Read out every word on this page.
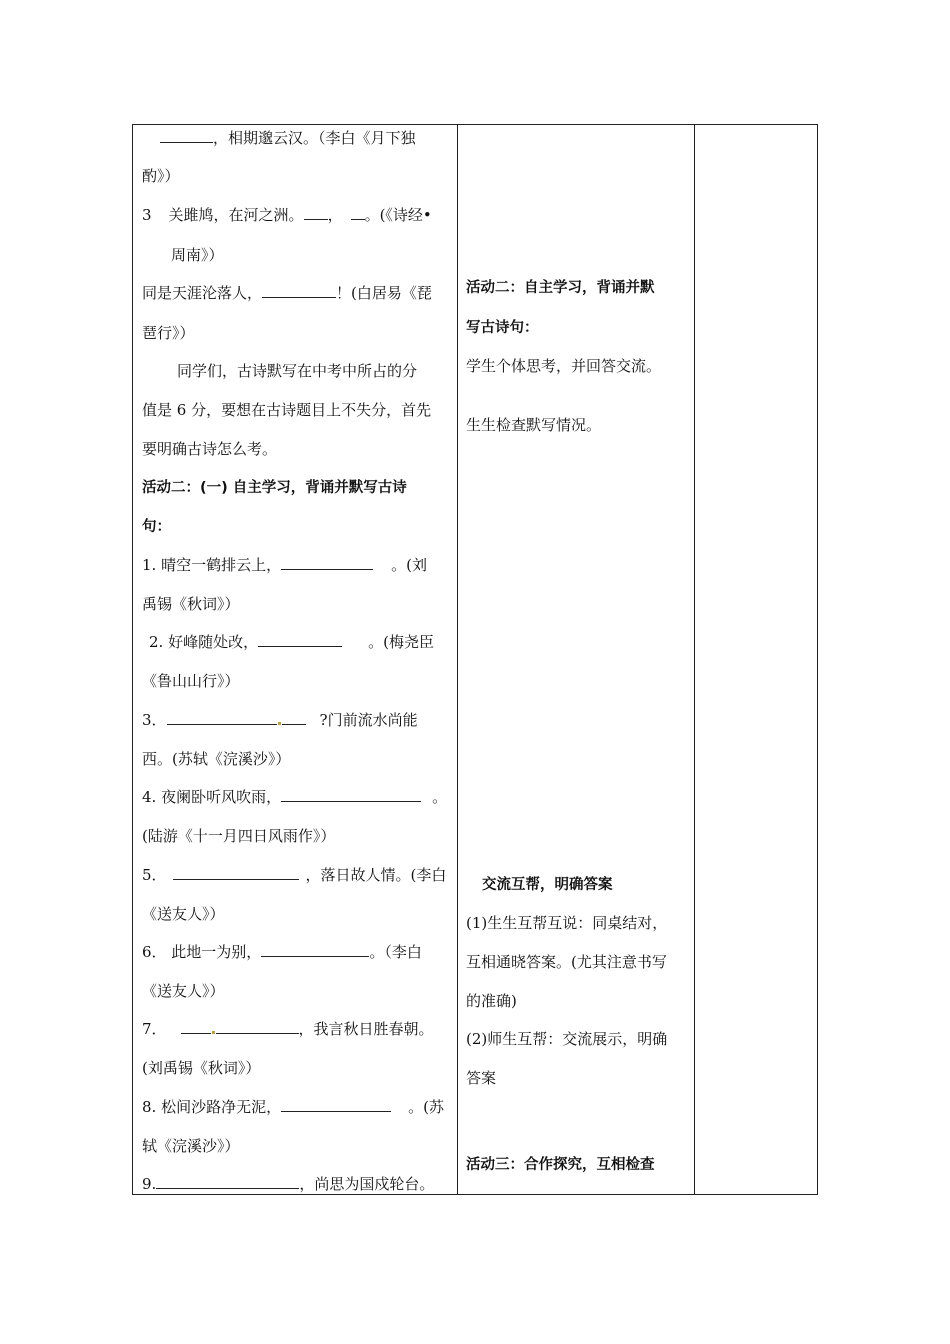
，相期邈云汉。（李白《月下独
酌》）
3 关雎鸠，在河之洲。 ， 。(《诗经•
周南》）
同是天涯沦落人，	！(白居易《琵
琶行》）
同学们，古诗默写在中考中所占的分
值是 6 分，要想在古诗题目上不失分，首先
要明确古诗怎么考。
活动二：(一) 自主学习，背诵并默写古诗
句：
1. 晴空一鹤排云上，	。(刘
禹锡《秋词》）
2. 好峰随处改，	。(梅尧臣
《鲁山山行》）
3．	?门前流水尚能
西。(苏轼《浣溪沙》）
4. 夜阑卧听风吹雨，	。
(陆游《十一月四日风雨作》）
5．	，落日故人情。(李白
《送友人》）
6． 此地一为别，	。（李白
《送友人》）
7．	，我言秋日胜春朝。
(刘禹锡《秋词》）
8. 松间沙路净无泥，	。(苏
轼《浣溪沙》）
9.	，尚思为国戍轮台。
活动二：自主学习，背诵并默
写古诗句：
学生个体思考，并回答交流。
生生检查默写情况。
交流互帮，明确答案
(1)生生互帮互说：同桌结对，
互相通晓答案。(尤其注意书写
的准确)
(2)师生互帮：交流展示，明确
答案
活动三：合作探究，互相检查
